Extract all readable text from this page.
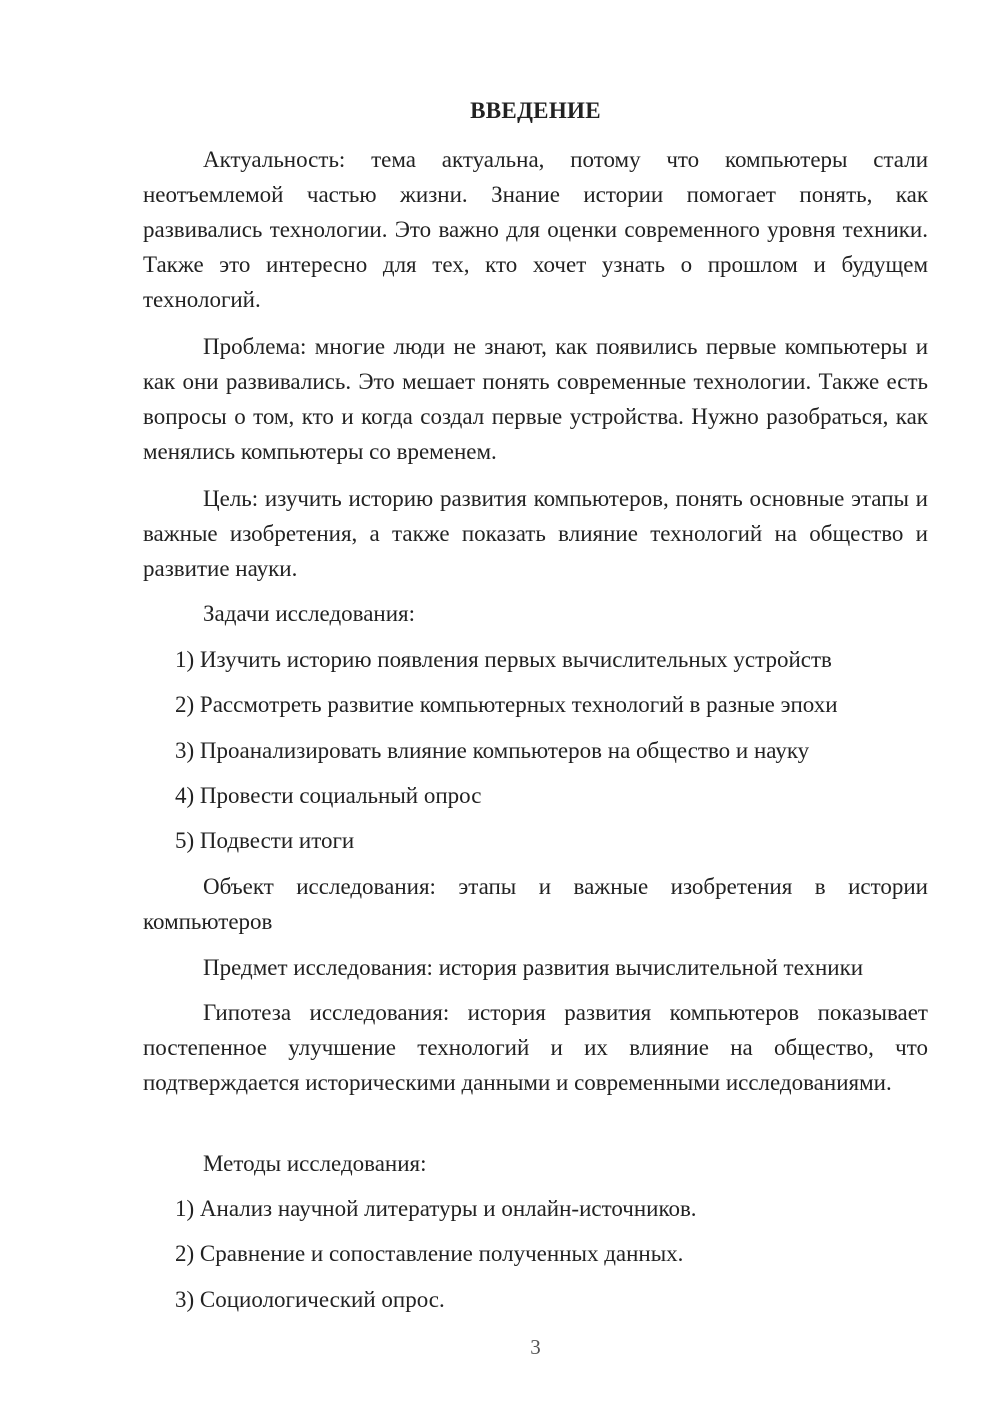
ВВЕДЕНИЕ

Актуальность: тема актуальна, потому что компьютеры стали неотъемлемой частью жизни. Знание истории помогает понять, как развивались технологии. Это важно для оценки современного уровня техники. Также это интересно для тех, кто хочет узнать о прошлом и будущем технологий.

Проблема: многие люди не знают, как появились первые компьютеры и как они развивались. Это мешает понять современные технологии. Также есть вопросы о том, кто и когда создал первые устройства. Нужно разобраться, как менялись компьютеры со временем.

Цель: изучить историю развития компьютеров, понять основные этапы и важные изобретения, а также показать влияние технологий на общество и развитие науки.

Задачи исследования:

1) Изучить историю появления первых вычислительных устройств

2) Рассмотреть развитие компьютерных технологий в разные эпохи

3) Проанализировать влияние компьютеров на общество и науку

4) Провести социальный опрос

5) Подвести итоги

Объект исследования: этапы и важные изобретения в истории компьютеров

Предмет исследования: история развития вычислительной техники

Гипотеза исследования: история развития компьютеров показывает постепенное улучшение технологий и их влияние на общество, что подтверждается историческими данными и современными исследованиями.

Методы исследования:

1) Анализ научной литературы и онлайн-источников.

2) Сравнение и сопоставление полученных данных.

3) Социологический опрос.

3
